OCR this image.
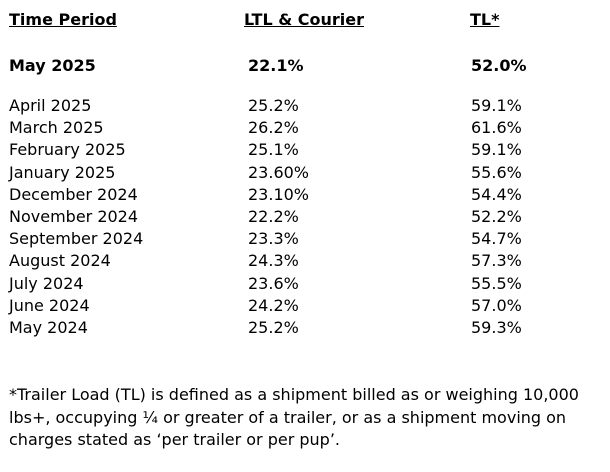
Time Period	LTL & Courier	TL*
May 2025	22.1%	52.0%
April 2025	25.2%	59.1%
March 2025	26.2%	61.6%
February 2025	25.1%	59.1%
January 2025	23.60%	55.6%
December 2024	23.10%	54.4%
November 2024	22.2%	52.2%
September 2024	23.3%	54.7%
August 2024	24.3%	57.3%
July 2024	23.6%	55.5%
June 2024	24.2%	57.0%
May 2024	25.2%	59.3%
*Trailer Load (TL) is defined as a shipment billed as or weighing 10,000 lbs+, occupying ¼ or greater of a trailer, or as a shipment moving on charges stated as ‘per trailer or per pup’.
